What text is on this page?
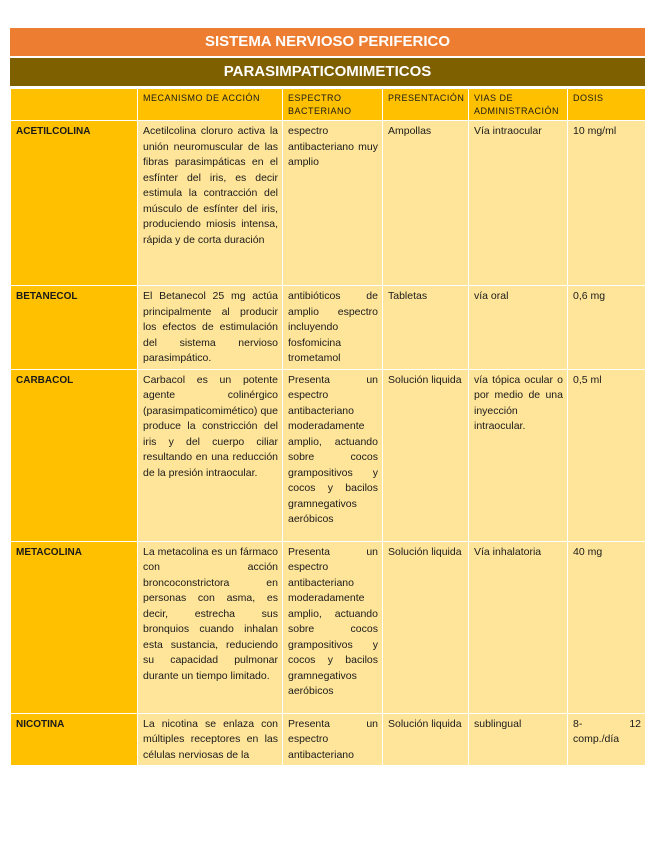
SISTEMA NERVIOSO PERIFERICO
PARASIMPATICOMIMETICOS
	MECANISMO DE ACCIÓN	ESPECTRO BACTERIANO	PRESENTACIÓN	VIAS DE ADMINISTRACIÓN	DOSIS
ACETILCOLINA	Acetilcolina cloruro activa la unión neuromuscular de las fibras parasimpáticas en el esfínter del iris, es decir estimula la contracción del músculo de esfínter del iris, produciendo miosis intensa, rápida y de corta duración	espectro antibacteriano muy amplio	Ampollas	Vía intraocular	10 mg/ml
BETANECOL	El Betanecol 25 mg actúa principalmente al producir los efectos de estimulación del sistema nervioso parasimpático.	antibióticos de amplio espectro incluyendo fosfomicina trometamol	Tabletas	vía oral	0,6 mg
CARBACOL	Carbacol es un potente agente colinérgico (parasimpaticomimético) que produce la constricción del iris y del cuerpo ciliar resultando en una reducción de la presión intraocular.	Presenta un espectro antibacteriano moderadamente amplio, actuando sobre cocos grampositivos y cocos y bacilos gramnegativos aeróbicos	Solución liquida	vía tópica ocular o por medio de una inyección intraocular.	0,5 ml
METACOLINA	La metacolina es un fármaco con acción broncoconstrictora en personas con asma, es decir, estrecha sus bronquios cuando inhalan esta sustancia, reduciendo su capacidad pulmonar durante un tiempo limitado.	Presenta un espectro antibacteriano moderadamente amplio, actuando sobre cocos grampositivos y cocos y bacilos gramnegativos aeróbicos	Solución liquida	Vía inhalatoria	40 mg
NICOTINA	La nicotina se enlaza con múltiples receptores en las células nerviosas de la	Presenta un espectro antibacteriano	Solución liquida	sublingual	8- 12 comp./día
